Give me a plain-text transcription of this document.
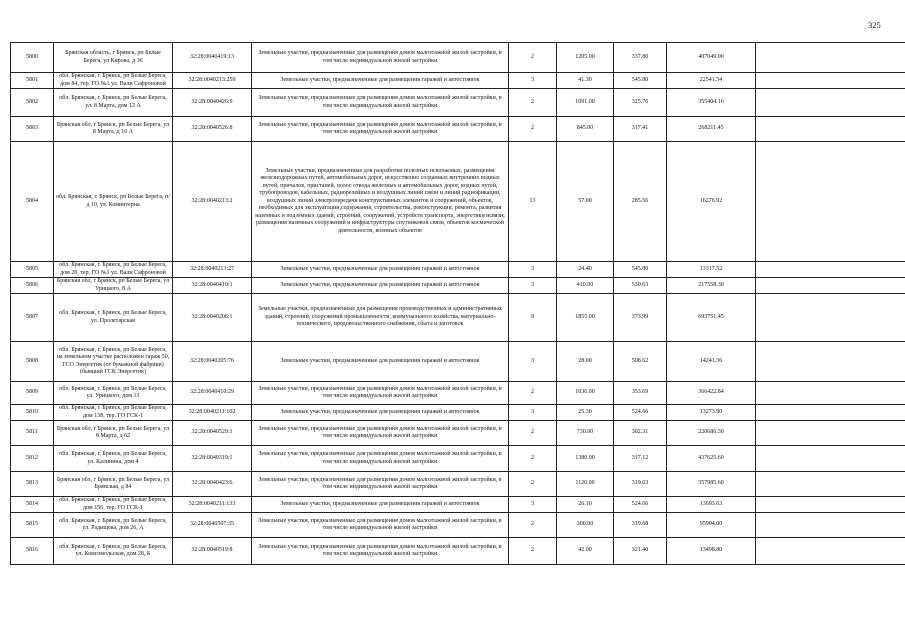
325
5800	Брянская область, г Брянск, рп Белые Берега, ул Кирова, д 36	32:28:0040419:13	Земельные участки, предназначенные для размещения домов малоэтажной жилой застройки, в том числе индивидуальной жилой застройки	2	1205.00	337.80	407049.00	
5801	обл. Брянская, г. Брянск, рп Белые Берега, дом 84, тер. ГО №1 ул. Вали Сафроновой	32:28:0040213:259	Земельные участки, предназначенные для размещения гаражей и автостоянок	3	41.30	545.80	22541.54	
5802	обл. Брянская, г. Брянск, рп Белые Берега, ул. 8 Марта, дом 12 А	32:28:0040426:9	Земельные участки, предназначенные для размещения домов малоэтажной жилой застройки, в том числе индивидуальной жилой застройки	2	1091.00	325.76	355404.16	
5803	Брянская обл, г Брянск, рп Белые Берега, ул 8 Марта, д 16 А	32:28:0040526:8	Земельные участки, предназначенные для размещения домов малоэтажной жилой застройки, в том числе индивидуальной жилой застройки	2	845.00	317.41	268211.45	
5804	обл. Брянская, г. Брянск, рп Белые Берега, п/д 10, ул. Коминтерна	32:28:0040213:2	Земельные участки, предназначенные для разработки полезных ископаемых, размещения железнодорожных путей, автомобильных дорог, искусственно созданных внутренних водных путей, причалов, пристаней, полос отвода железных и автомобильных дорог, водных путей, трубопроводов, кабельных, радиорелейных и воздушных линий связи и линий радиофикации, воздушных линий электропередачи конструктивных элементов и сооружений, объектов, необходимых для эксплуатации,содержания, строительства, реконструкции, ремонта, развития наземных и подземных зданий, строений, сооружений, устройств транспорта, энергетики исвязи; размещения наземных сооружений и инфраструктуры спутниковой связи, объектов космической деятельности, военных объектов	13	57.00	285.56	16276.92	
5805	обл. Брянская, г. Брянск, рп Белые Берега, дом 20, тер. ГО №1 ул. Вали Сафроновой	32:28:0040213:27	Земельные участки, предназначенные для размещения гаражей и автостоянок	3	24.40	545.80	13317.52	
5806	Брянская обл, г Брянск, рп Белые Берега, ул Урицкого, 8 А	32:28:0040410:1	Земельные участки, предназначенные для размещения гаражей и автостоянок	3	410.00	530.63	217558.30	
5807	обл. Брянская, г. Брянск, рп Белые Берега, ул. Пролетарская	32:28:0040206:1	Земельные участки, предназначенные для размещения производственных и административных зданий, строений, сооружений промышленности, коммунального хозяйства, материально-технического, продовольственного снабжения, сбыта и заготовок	9	1855.00	373.99	693751.45	
5808	обл. Брянская, г. Брянск, рп Белые Берега, на земельном участке расположен гараж 50, ГСО Энергетик (от бумажной фабрики) (бывший ГСК Энергетик)	32:28:0040205:76	Земельные участки, предназначенные для размещения гаражей и автостоянок	3	28.00	508.62	14241.36	
5809	обл. Брянская, г. Брянск, рп Белые Берега, ул. Урицкого, дом 13	32:28:0040410:29	Земельные участки, предназначенные для размещения домов малоэтажной жилой застройки, в том числе индивидуальной жилой застройки	2	1036.00	353.69	366422.84	
5810	обл. Брянская, г. Брянск, рп Белые Берега, дом 138, тер. ГО ГСК-1	32:28:0040211:102	Земельные участки, предназначенные для размещения гаражей и автостоянок	3	25.30	524.66	13273.90	
5811	Брянская обл, г Брянск, рп Белые Берега, ул 8 Марта, д 62	32:28:0040529:1	Земельные участки, предназначенные для размещения домов малоэтажной жилой застройки, в том числе индивидуальной жилой застройки	2	730.00	302.31	220686.30	
5812	обл. Брянская, г. Брянск, рп Белые Берега, ул. Калинина, дом 4	32:28:0040319:1	Земельные участки, предназначенные для размещения домов малоэтажной жилой застройки, в том числе индивидуальной жилой застройки	2	1380.00	317.12	437625.60	
5813	Брянская обл, г Брянск, рп Белые Берега, ул Брянская, д 84	32:28:0040423:6	Земельные участки, предназначенные для размещения домов малоэтажной жилой застройки, в том числе индивидуальной жилой застройки	2	1120.00	319.63	357985.60	
5814	обл. Брянская, г. Брянск, рп Белые Берега, дом 156, тер. ГО ГСК-1	32:28:0040211:133	Земельные участки, предназначенные для размещения гаражей и автостоянок	3	26.10	524.66	13693.63	
5815	обл. Брянская, г. Брянск, рп Белые Берега, ул. Радищева, дом 26, А	32:28:0040507:35	Земельные участки, предназначенные для размещения домов малоэтажной жилой застройки, в том числе индивидуальной жилой застройки	2	300.00	319.68	95904.00	
5816	обл. Брянская, г. Брянск, рп Белые Берега, ул. Комсомольская, дом 28, Б	32:28:0040519:8	Земельные участки, предназначенные для размещения домов малоэтажной жилой застройки, в том числе индивидуальной жилой застройки	2	42.00	321.40	13498.80	
